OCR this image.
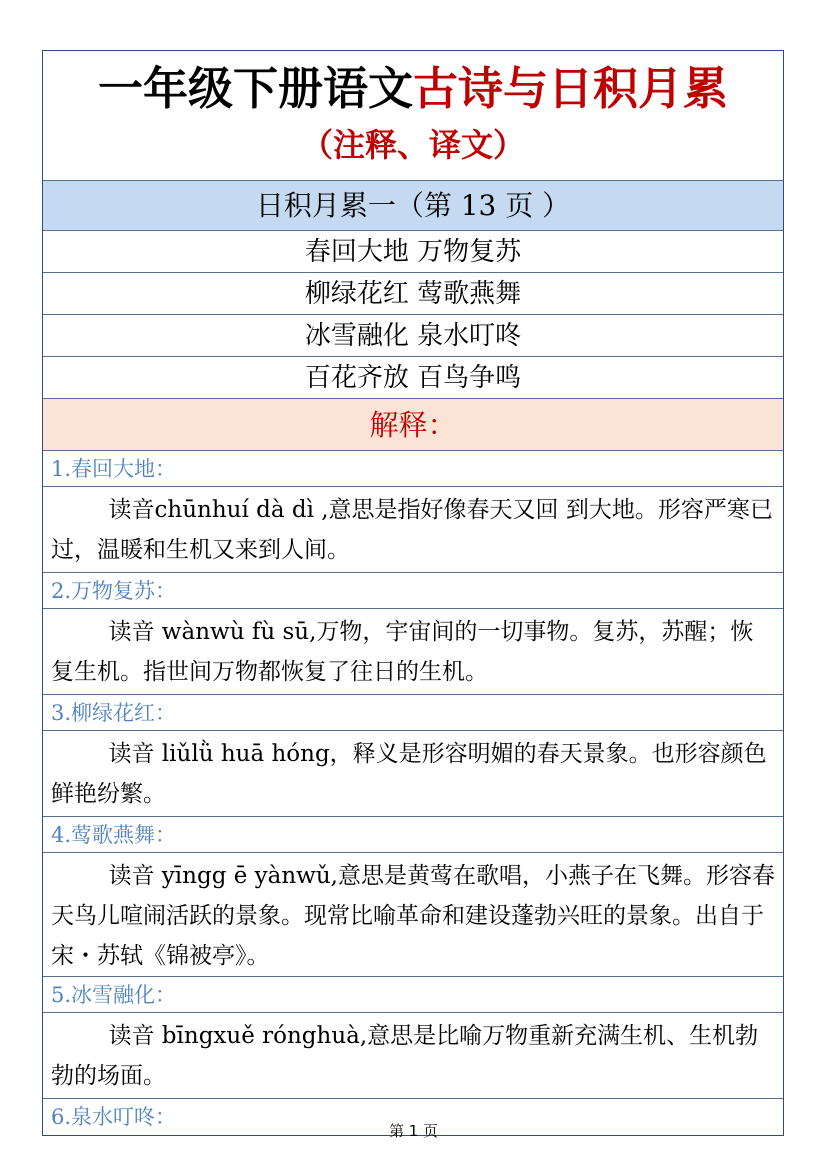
一年级下册语文古诗与日积月累
（注释、译文）
日积月累一（第 13 页 ）
春回大地 万物复苏
柳绿花红 莺歌燕舞
冰雪融化 泉水叮咚
百花齐放 百鸟争鸣
解释：
1.春回大地：
读音chūnhuí dà dì ,意思是指好像春天又回 到大地。形容严寒已过，温暖和生机又来到人间。
2.万物复苏：
读音 wànwù fù sū,万物，宇宙间的一切事物。复苏，苏醒；恢复生机。指世间万物都恢复了往日的生机。
3.柳绿花红：
读音 liǔlǜ huā hóng，释义是形容明媚的春天景象。也形容颜色鲜艳纷繁。
4.莺歌燕舞：
读音 yīngg ē yànwǔ,意思是黄莺在歌唱，小燕子在飞舞。形容春天鸟儿喧闹活跃的景象。现常比喻革命和建设蓬勃兴旺的景象。出自于宋・苏轼《锦被亭》。
5.冰雪融化：
读音 bīngxuě rónghuà,意思是比喻万物重新充满生机、生机勃勃的场面。
6.泉水叮咚：
第 1 页
